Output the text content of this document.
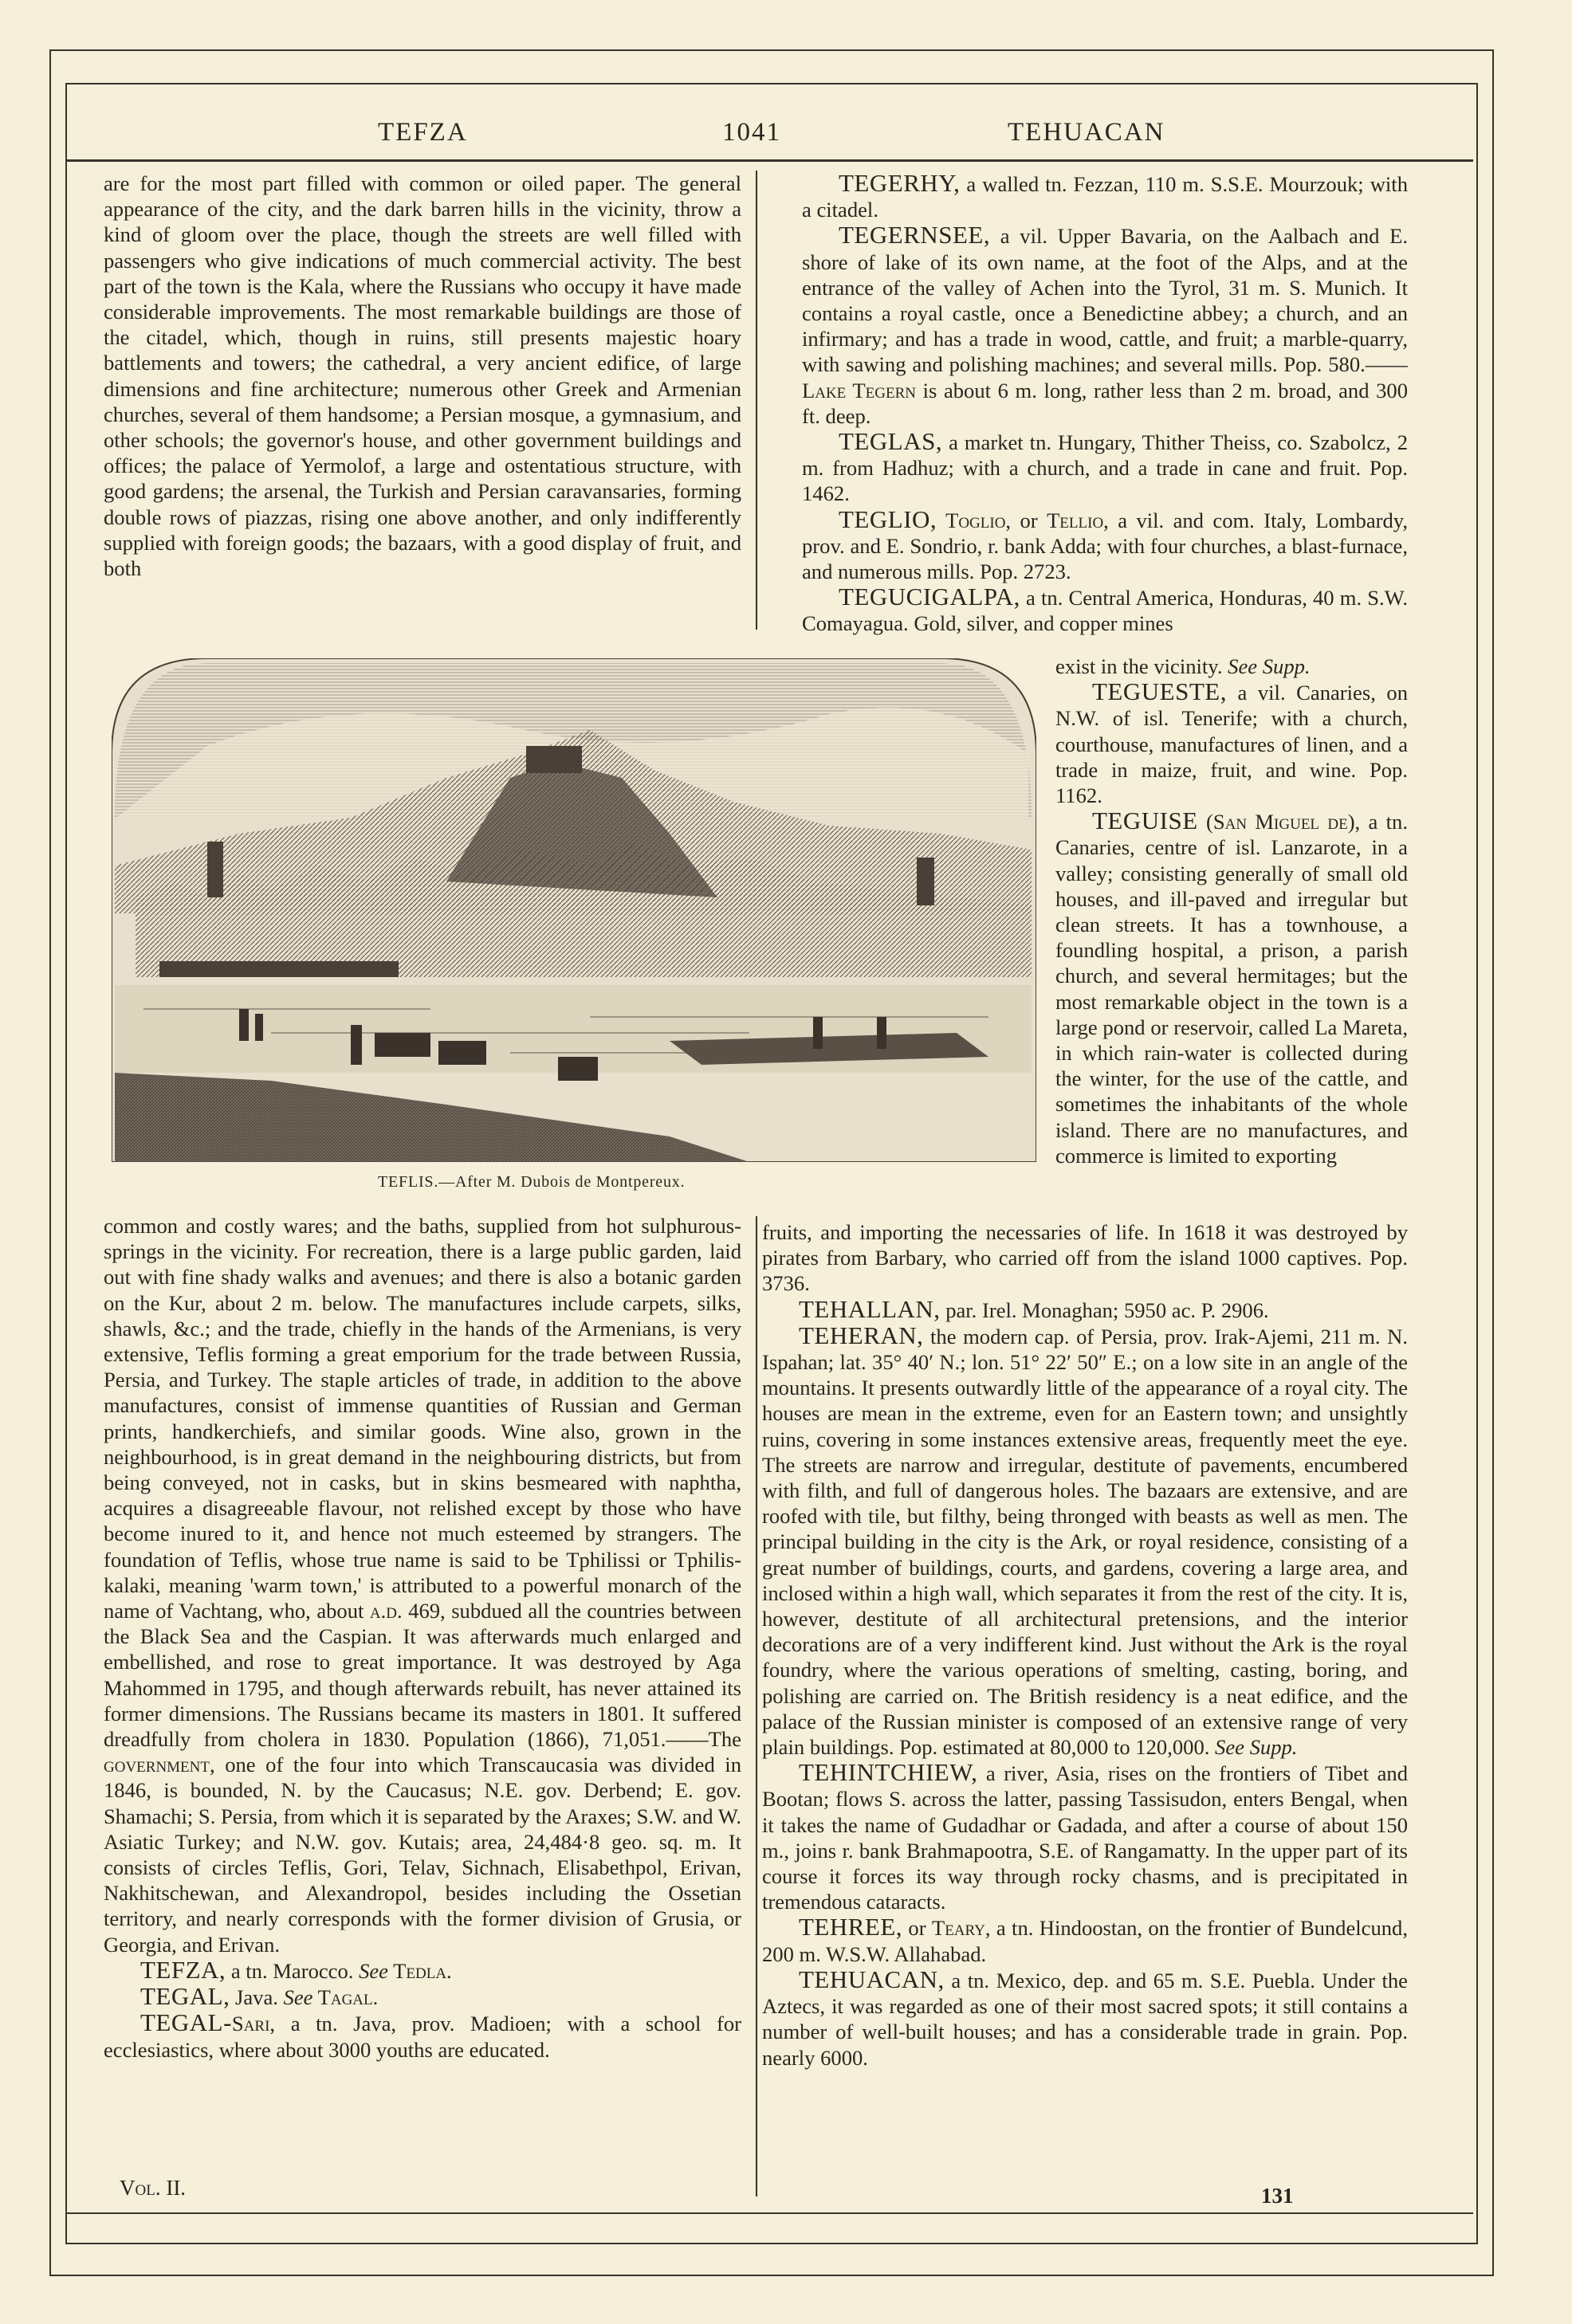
TEFZA	1041	TEHUACAN

are for the most part filled with common or oiled paper. The general appearance of the city, and the dark barren hills in the vicinity, throw a kind of gloom over the place, though the streets are well filled with passengers who give indications of much commercial activity. The best part of the town is the Kala, where the Russians who occupy it have made considerable improvements. The most remarkable buildings are those of the citadel, which, though in ruins, still presents majestic hoary battlements and towers; the cathedral, a very ancient edifice, of large dimensions and fine architecture; numerous other Greek and Armenian churches, several of them handsome; a Persian mosque, a gymnasium, and other schools; the governor's house, and other government buildings and offices; the palace of Yermolof, a large and ostentatious structure, with good gardens; the arsenal, the Turkish and Persian caravansaries, forming double rows of piazzas, rising one above another, and only indifferently supplied with foreign goods; the bazaars, with a good display of fruit, and both

TEFLIS.—After M. Dubois de Montpereux.

common and costly wares; and the baths, supplied from hot sulphurous-springs in the vicinity. For recreation, there is a large public garden, laid out with fine shady walks and avenues; and there is also a botanic garden on the Kur, about 2 m. below. The manufactures include carpets, silks, shawls, &c.; and the trade, chiefly in the hands of the Armenians, is very extensive, Teflis forming a great emporium for the trade between Russia, Persia, and Turkey. The staple articles of trade, in addition to the above manufactures, consist of immense quantities of Russian and German prints, handkerchiefs, and similar goods. Wine also, grown in the neighbourhood, is in great demand in the neighbouring districts, but from being conveyed, not in casks, but in skins besmeared with naphtha, acquires a disagreeable flavour, not relished except by those who have become inured to it, and hence not much esteemed by strangers. The foundation of Teflis, whose true name is said to be Tphilissi or Tphilis-kalaki, meaning 'warm town,' is attributed to a powerful monarch of the name of Vachtang, who, about a.d. 469, subdued all the countries between the Black Sea and the Caspian. It was afterwards much enlarged and embellished, and rose to great importance. It was destroyed by Aga Mahommed in 1795, and though afterwards rebuilt, has never attained its former dimensions. The Russians became its masters in 1801. It suffered dreadfully from cholera in 1830. Population (1866), 71,051.——The government, one of the four into which Transcaucasia was divided in 1846, is bounded, N. by the Caucasus; N.E. gov. Derbend; E. gov. Shamachi; S. Persia, from which it is separated by the Araxes; S.W. and W. Asiatic Turkey; and N.W. gov. Kutais; area, 24,484·8 geo. sq. m. It consists of circles Teflis, Gori, Telav, Sichnach, Elisabethpol, Erivan, Nakhitschewan, and Alexandropol, besides including the Ossetian territory, and nearly corresponds with the former division of Grusia, or Georgia, and Erivan.

TEFZA, a tn. Marocco. See Tedla.

TEGAL, Java. See Tagal.

TEGAL-Sari, a tn. Java, prov. Madioen; with a school for ecclesiastics, where about 3000 youths are educated.

TEGERHY, a walled tn. Fezzan, 110 m. S.S.E. Mourzouk; with a citadel.

TEGERNSEE, a vil. Upper Bavaria, on the Aalbach and E. shore of lake of its own name, at the foot of the Alps, and at the entrance of the valley of Achen into the Tyrol, 31 m. S. Munich. It contains a royal castle, once a Benedictine abbey; a church, and an infirmary; and has a trade in wood, cattle, and fruit; a marble-quarry, with sawing and polishing machines; and several mills. Pop. 580.——Lake Tegern is about 6 m. long, rather less than 2 m. broad, and 300 ft. deep.

TEGLAS, a market tn. Hungary, Thither Theiss, co. Szabolcz, 2 m. from Hadhuz; with a church, and a trade in cane and fruit. Pop. 1462.

TEGLIO, Toglio, or Tellio, a vil. and com. Italy, Lombardy, prov. and E. Sondrio, r. bank Adda; with four churches, a blast-furnace, and numerous mills. Pop. 2723.

TEGUCIGALPA, a tn. Central America, Honduras, 40 m. S.W. Comayagua. Gold, silver, and copper mines

exist in the vicinity. See Supp.

TEGUESTE, a vil. Canaries, on N.W. of isl. Tenerife; with a church, courthouse, manufactures of linen, and a trade in maize, fruit, and wine. Pop. 1162.

TEGUISE (San Miguel de), a tn. Canaries, centre of isl. Lanzarote, in a valley; consisting generally of small old houses, and ill-paved and irregular but clean streets. It has a townhouse, a foundling hospital, a prison, a parish church, and several hermitages; but the most remarkable object in the town is a large pond or reservoir, called La Mareta, in which rain-water is collected during the winter, for the use of the cattle, and sometimes the inhabitants of the whole island. There are no manufactures, and commerce is limited to exporting

fruits, and importing the necessaries of life. In 1618 it was destroyed by pirates from Barbary, who carried off from the island 1000 captives. Pop. 3736.

TEHALLAN, par. Irel. Monaghan; 5950 ac. P. 2906.

TEHERAN, the modern cap. of Persia, prov. Irak-Ajemi, 211 m. N. Ispahan; lat. 35° 40′ N.; lon. 51° 22′ 50″ E.; on a low site in an angle of the mountains. It presents outwardly little of the appearance of a royal city. The houses are mean in the extreme, even for an Eastern town; and unsightly ruins, covering in some instances extensive areas, frequently meet the eye. The streets are narrow and irregular, destitute of pavements, encumbered with filth, and full of dangerous holes. The bazaars are extensive, and are roofed with tile, but filthy, being thronged with beasts as well as men. The principal building in the city is the Ark, or royal residence, consisting of a great number of buildings, courts, and gardens, covering a large area, and inclosed within a high wall, which separates it from the rest of the city. It is, however, destitute of all architectural pretensions, and the interior decorations are of a very indifferent kind. Just without the Ark is the royal foundry, where the various operations of smelting, casting, boring, and polishing are carried on. The British residency is a neat edifice, and the palace of the Russian minister is composed of an extensive range of very plain buildings. Pop. estimated at 80,000 to 120,000. See Supp.

TEHINTCHIEW, a river, Asia, rises on the frontiers of Tibet and Bootan; flows S. across the latter, passing Tassisudon, enters Bengal, when it takes the name of Gudadhar or Gadada, and after a course of about 150 m., joins r. bank Brahmapootra, S.E. of Rangamatty. In the upper part of its course it forces its way through rocky chasms, and is precipitated in tremendous cataracts.

TEHREE, or Teary, a tn. Hindoostan, on the frontier of Bundelcund, 200 m. W.S.W. Allahabad.

TEHUACAN, a tn. Mexico, dep. and 65 m. S.E. Puebla. Under the Aztecs, it was regarded as one of their most sacred spots; it still contains a number of well-built houses; and has a considerable trade in grain. Pop. nearly 6000.

Vol. II.	131
